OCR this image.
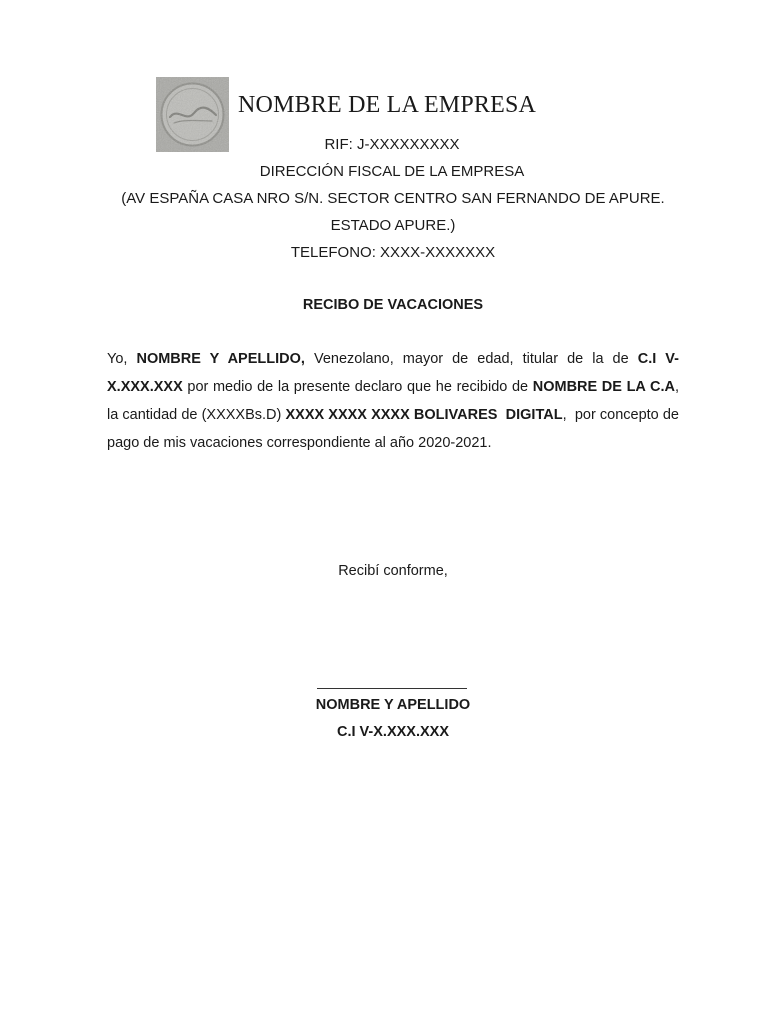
NOMBRE DE LA EMPRESA
RIF: J-XXXXXXXXX
DIRECCIÓN FISCAL DE LA EMPRESA
(AV ESPAÑA CASA NRO S/N. SECTOR CENTRO SAN FERNANDO DE APURE.
ESTADO APURE.)
TELEFONO: XXXX-XXXXXXX
RECIBO DE VACACIONES
Yo, NOMBRE Y APELLIDO, Venezolano, mayor de edad, titular de la de C.I V-X.XXX.XXX por medio de la presente declaro que he recibido de NOMBRE DE LA C.A, la cantidad de (XXXXBs.D) XXXX XXXX XXXX BOLIVARES  DIGITAL,  por concepto de pago de mis vacaciones correspondiente al año 2020-2021.
Recibí conforme,
NOMBRE Y APELLIDO
C.I V-X.XXX.XXX
